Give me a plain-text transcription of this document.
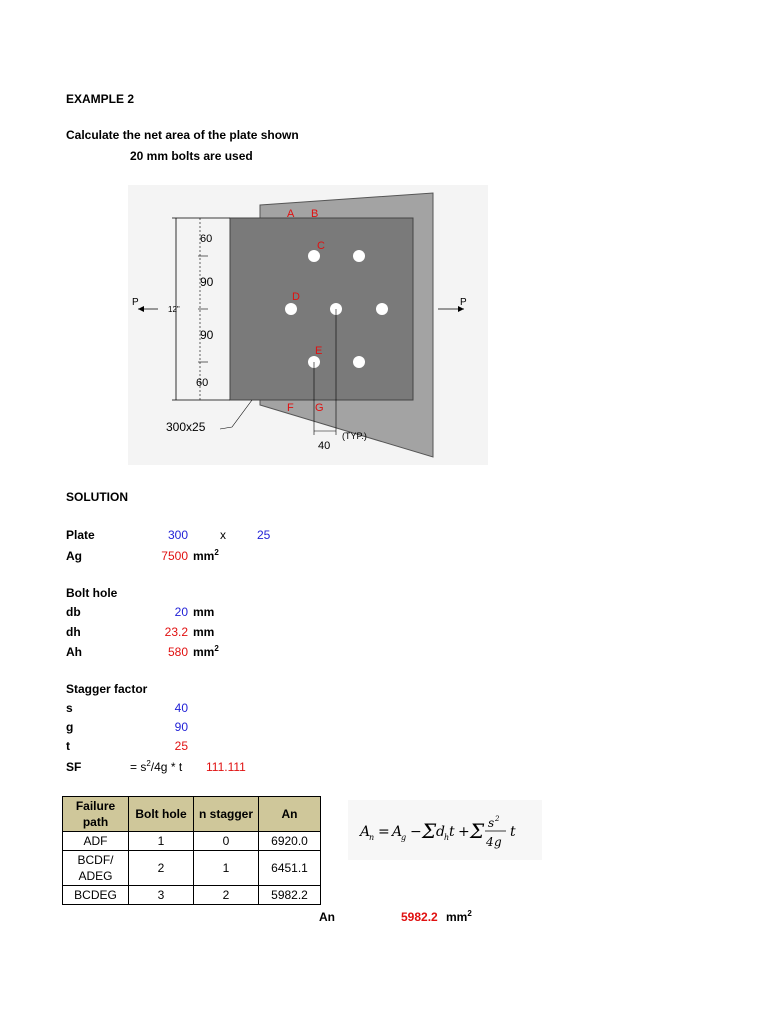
EXAMPLE 2
Calculate the net area of the plate shown
20 mm bolts are used
60
90
90
60
12"
P	P
300x25
40
(TYP.)
A B
C
D
E
F G
SOLUTION
Plate	300	x	25
Ag	7500 $mm^2$
Bolt hole
db	20 mm
dh	23.2 mm
Ah	580 $mm^2$
Stagger factor
s	40
g	90
t	25
SF	= $s^2/4g$ * t 111.111
Failure path	Bolt hole	n stagger	An
ADF	1	0	6920.0
BCDF/ ADEG	2	1	6451.1
BCDEG	3	2	5982.2
A
n = A
g − Σ d h t + Σ s 2
4 g
t
An	5982.2 $mm^2$
